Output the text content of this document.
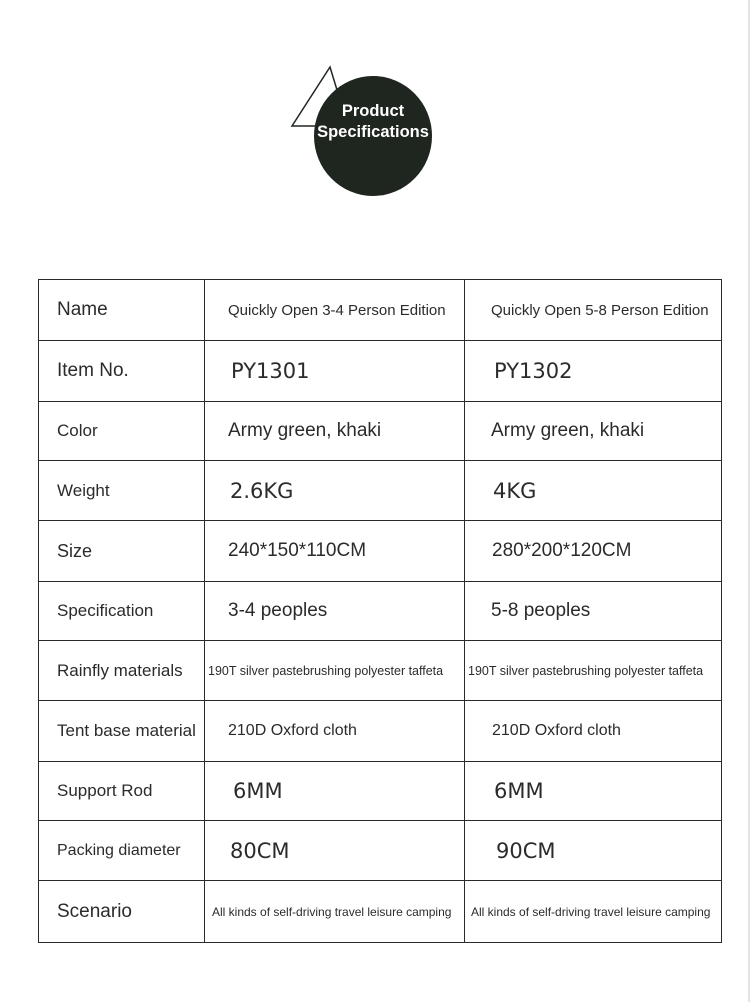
Product
Specifications
Name	Quickly Open 3-4 Person Edition	Quickly Open 5-8 Person Edition
Item No.	PY1301	PY1302
Color	Army green, khaki	Army green, khaki
Weight	2.6KG	4KG
Size	240*150*110CM	280*200*120CM
Specification	3-4 peoples	5-8 peoples
Rainfly materials	190T silver pastebrushing polyester taffeta	190T silver pastebrushing polyester taffeta
Tent base material	210D Oxford cloth	210D Oxford cloth
Support Rod	6MM	6MM
Packing diameter	80CM	90CM
Scenario	All kinds of self-driving travel leisure camping	All kinds of self-driving travel leisure camping
